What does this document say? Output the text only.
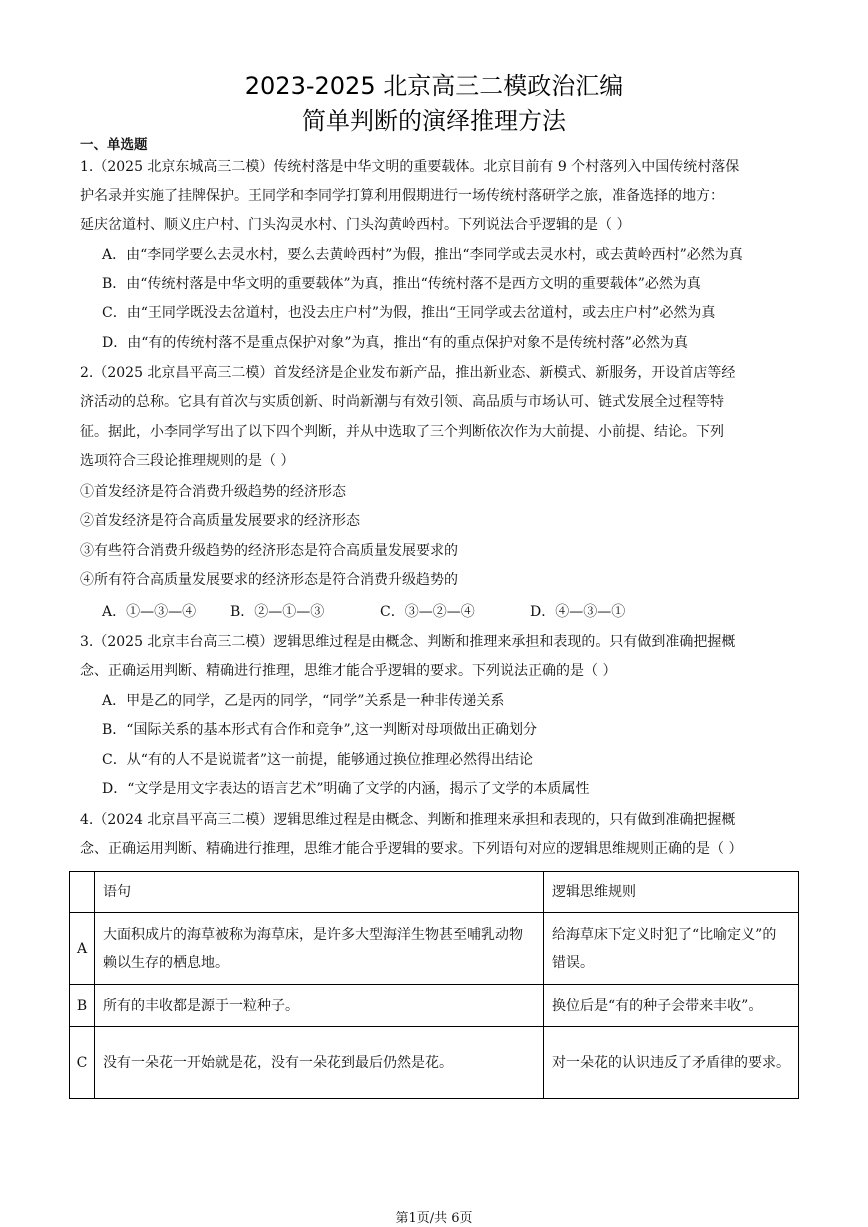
2023-2025 北京高三二模政治汇编
简单判断的演绎推理方法
一、单选题
1.（2025 北京东城高三二模）传统村落是中华文明的重要载体。北京目前有 9 个村落列入中国传统村落保
护名录并实施了挂牌保护。王同学和李同学打算利用假期进行一场传统村落研学之旅，准备选择的地方：
延庆岔道村、顺义庄户村、门头沟灵水村、门头沟黄岭西村。下列说法合乎逻辑的是（ ）
A．由“李同学要么去灵水村，要么去黄岭西村”为假，推出“李同学或去灵水村，或去黄岭西村”必然为真
B．由“传统村落是中华文明的重要载体”为真，推出“传统村落不是西方文明的重要载体”必然为真
C．由“王同学既没去岔道村，也没去庄户村”为假，推出“王同学或去岔道村，或去庄户村”必然为真
D．由“有的传统村落不是重点保护对象”为真，推出“有的重点保护对象不是传统村落”必然为真
2.（2025 北京昌平高三二模）首发经济是企业发布新产品，推出新业态、新模式、新服务，开设首店等经
济活动的总称。它具有首次与实质创新、时尚新潮与有效引领、高品质与市场认可、链式发展全过程等特
征。据此，小李同学写出了以下四个判断，并从中选取了三个判断依次作为大前提、小前提、结论。下列
选项符合三段论推理规则的是（ ）
①首发经济是符合消费升级趋势的经济形态
②首发经济是符合高质量发展要求的经济形态
③有些符合消费升级趋势的经济形态是符合高质量发展要求的
④所有符合高质量发展要求的经济形态是符合消费升级趋势的
A．①—③—④ B．②—①—③	C．③—②—④	D．④—③—①
3.（2025 北京丰台高三二模）逻辑思维过程是由概念、判断和推理来承担和表现的。只有做到准确把握概
念、正确运用判断、精确进行推理，思维才能合乎逻辑的要求。下列说法正确的是（ ）
A．甲是乙的同学，乙是丙的同学，“同学”关系是一种非传递关系
B．“国际关系的基本形式有合作和竞争”,这一判断对母项做出正确划分
C．从“有的人不是说谎者”这一前提，能够通过换位推理必然得出结论
D．“文学是用文字表达的语言艺术”明确了文学的内涵，揭示了文学的本质属性
4.（2024 北京昌平高三二模）逻辑思维过程是由概念、判断和推理来承担和表现的，只有做到准确把握概
念、正确运用判断、精确进行推理，思维才能合乎逻辑的要求。下列语句对应的逻辑思维规则正确的是（ ）
	语句	逻辑思维规则
A	大面积成片的海草被称为海草床，是许多大型海洋生物甚至哺乳动物赖以生存的栖息地。	给海草床下定义时犯了“比喻定义”的错误。
B	所有的丰收都是源于一粒种子。	换位后是“有的种子会带来丰收”。
C	没有一朵花一开始就是花，没有一朵花到最后仍然是花。	对一朵花的认识违反了矛盾律的要求。
第1页/共 6页
